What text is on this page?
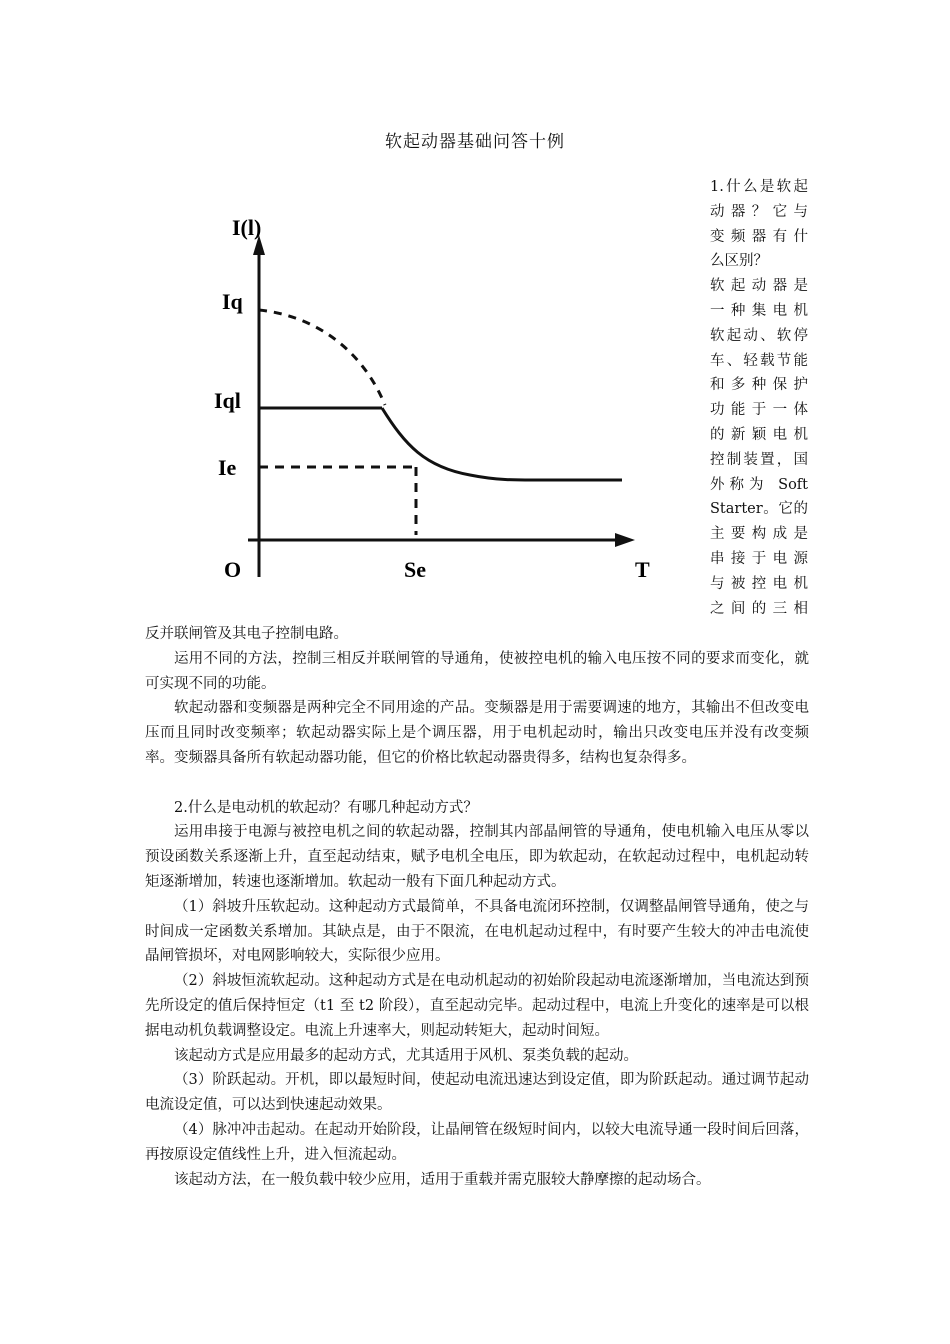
软起动器基础问答十例
I(l)
Iq
Iql
Ie
O	Se	T
1.什么是软起
动器？它与
变频器有什
么区别？
软起动器是
一种集电机
软起动、软停
车、轻载节能
和多种保护
功能于一体
的新颖电机
控制装置，国
外称为 Soft
Starter。它的
主要构成是
串接于电源
与被控电机
之间的三相

反并联闸管及其电子控制电路。

运用不同的方法，控制三相反并联闸管的导通角，使被控电机的输入电压按不同的要求而变化，就可实现不同的功能。

软起动器和变频器是两种完全不同用途的产品。变频器是用于需要调速的地方，其输出不但改变电压而且同时改变频率；软起动器实际上是个调压器，用于电机起动时，输出只改变电压并没有改变频率。变频器具备所有软起动器功能，但它的价格比软起动器贵得多，结构也复杂得多。

2.什么是电动机的软起动？有哪几种起动方式？

运用串接于电源与被控电机之间的软起动器，控制其内部晶闸管的导通角，使电机输入电压从零以预设函数关系逐渐上升，直至起动结束，赋予电机全电压，即为软起动，在软起动过程中，电机起动转矩逐渐增加，转速也逐渐增加。软起动一般有下面几种起动方式。

（1）斜坡升压软起动。这种起动方式最简单，不具备电流闭环控制，仅调整晶闸管导通角，使之与时间成一定函数关系增加。其缺点是，由于不限流，在电机起动过程中，有时要产生较大的冲击电流使晶闸管损坏，对电网影响较大，实际很少应用。

（2）斜坡恒流软起动。这种起动方式是在电动机起动的初始阶段起动电流逐渐增加，当电流达到预先所设定的值后保持恒定（t1 至 t2 阶段），直至起动完毕。起动过程中，电流上升变化的速率是可以根据电动机负载调整设定。电流上升速率大，则起动转矩大，起动时间短。

该起动方式是应用最多的起动方式，尤其适用于风机、泵类负载的起动。

（3）阶跃起动。开机，即以最短时间，使起动电流迅速达到设定值，即为阶跃起动。通过调节起动电流设定值，可以达到快速起动效果。

（4）脉冲冲击起动。在起动开始阶段，让晶闸管在级短时间内，以较大电流导通一段时间后回落，再按原设定值线性上升，进入恒流起动。

该起动方法，在一般负载中较少应用，适用于重载并需克服较大静摩擦的起动场合。
